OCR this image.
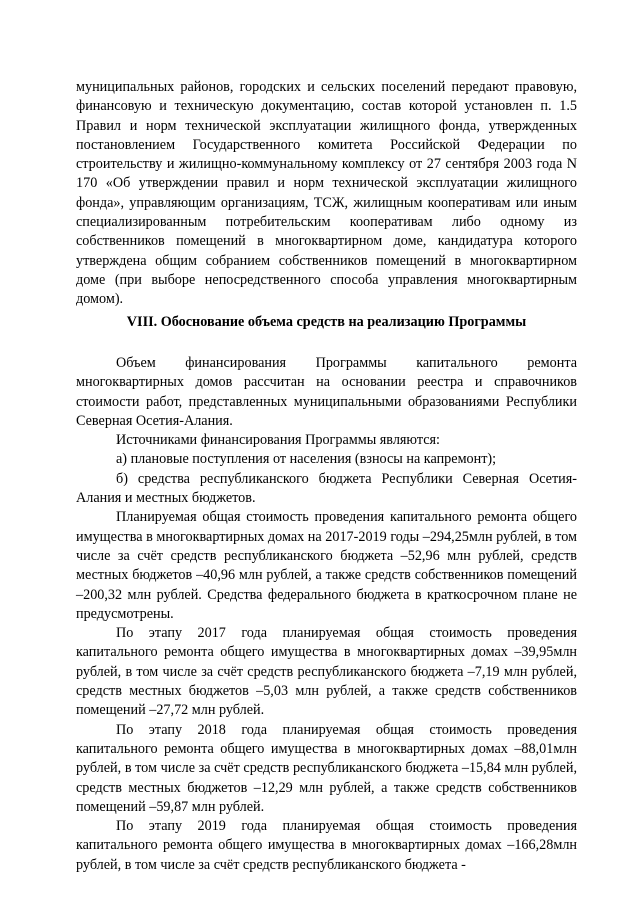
муниципальных районов, городских и сельских поселений передают правовую, финансовую и техническую документацию, состав которой установлен п. 1.5 Правил и норм технической эксплуатации жилищного фонда, утвержденных постановлением Государственного комитета Российской Федерации по строительству и жилищно-коммунальному комплексу от 27 сентября 2003 года N 170 «Об утверждении правил и норм технической эксплуатации жилищного фонда», управляющим организациям, ТСЖ, жилищным кооперативам или иным специализированным потребительским кооперативам либо одному из собственников помещений в многоквартирном доме, кандидатура которого утверждена общим собранием собственников помещений в многоквартирном доме (при выборе непосредственного способа управления многоквартирным домом).

VIII. Обоснование объема средств на реализацию Программы

Объем финансирования Программы капитального ремонта многоквартирных домов рассчитан на основании реестра и справочников стоимости работ, представленных муниципальными образованиями Республики Северная Осетия-Алания.

Источниками финансирования Программы являются:

а) плановые поступления от населения (взносы на капремонт);

б) средства республиканского бюджета Республики Северная Осетия-Алания и местных бюджетов.

Планируемая общая стоимость проведения капитального ремонта общего имущества в многоквартирных домах на 2017-2019 годы –294,25млн рублей, в том числе за счёт средств республиканского бюджета –52,96 млн рублей, средств местных бюджетов –40,96 млн рублей, а также средств собственников помещений –200,32 млн рублей. Средства федерального бюджета в краткосрочном плане не предусмотрены.

По этапу 2017 года планируемая общая стоимость проведения капитального ремонта общего имущества в многоквартирных домах –39,95млн рублей, в том числе за счёт средств республиканского бюджета –7,19 млн рублей, средств местных бюджетов –5,03 млн рублей, а также средств собственников помещений –27,72 млн рублей.

По этапу 2018 года планируемая общая стоимость проведения капитального ремонта общего имущества в многоквартирных домах –88,01млн рублей, в том числе за счёт средств республиканского бюджета –15,84 млн рублей, средств местных бюджетов –12,29 млн рублей, а также средств собственников помещений –59,87 млн рублей.

По этапу 2019 года планируемая общая стоимость проведения капитального ремонта общего имущества в многоквартирных домах –166,28млн рублей, в том числе за счёт средств республиканского бюджета -
